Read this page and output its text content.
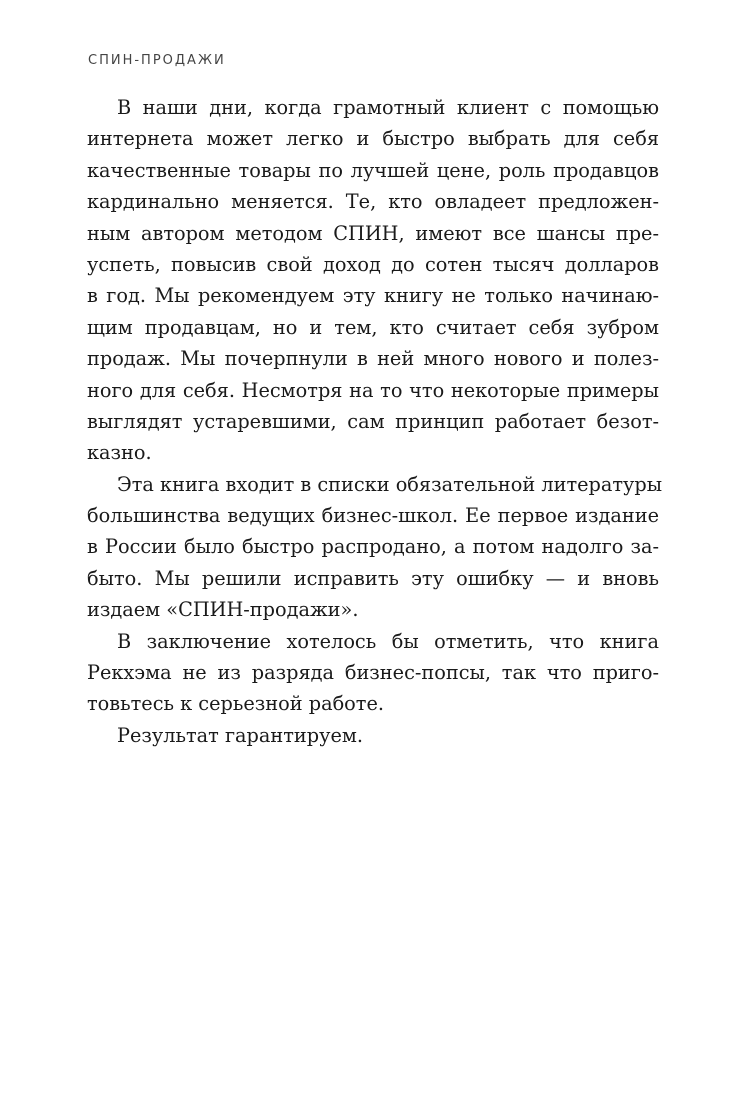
СПИН-ПРОДАЖИ

В наши дни, когда грамотный клиент с помощью
интернета может легко и быстро выбрать для себя
качественные товары по лучшей цене, роль продавцов
кардинально меняется. Те, кто овладеет предложен-
ным автором методом СПИН, имеют все шансы пре-
успеть, повысив свой доход до сотен тысяч долларов
в год. Мы рекомендуем эту книгу не только начинаю-
щим продавцам, но и тем, кто считает себя зубром
продаж. Мы почерпнули в ней много нового и полез-
ного для себя. Несмотря на то что некоторые примеры
выглядят устаревшими, сам принцип работает безот-
казно.

Эта книга входит в списки обязательной литературы
большинства ведущих бизнес-школ. Ее первое издание
в России было быстро распродано, а потом надолго за-
быто. Мы решили исправить эту ошибку — и вновь
издаем «СПИН-продажи».

В заключение хотелось бы отметить, что книга
Рекхэма не из разряда бизнес-попсы, так что приго-
товьтесь к серьезной работе.

Результат гарантируем.
